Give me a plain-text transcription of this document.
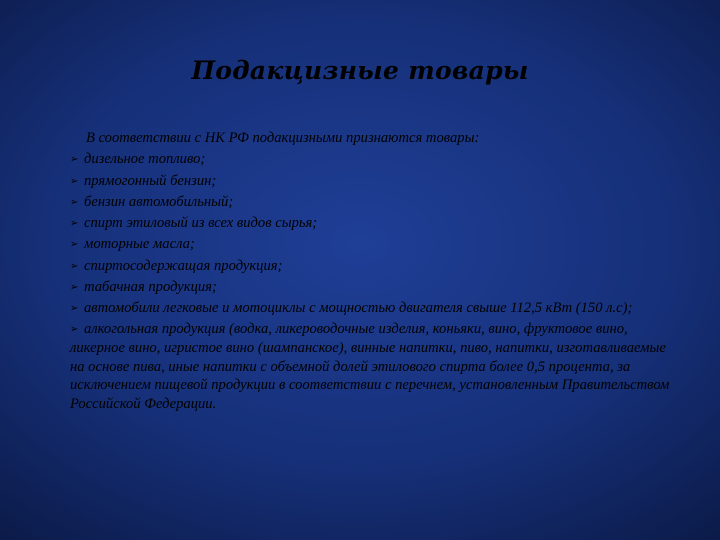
Подакцизные товары

В соответствии с НК РФ подакцизными признаются товары:

➢ дизельное топливо;
➢ прямогонный бензин;
➢ бензин автомобильный;
➢ спирт этиловый из всех видов сырья;
➢ моторные масла;
➢ спиртосодержащая продукция;
➢ табачная продукция;
➢ автомобили легковые и мотоциклы с мощностью двигателя свыше 112,5 кВт (150 л.с);
➢ алкогольная продукция (водка, ликероводочные изделия, коньяки, вино, фруктовое вино, ликерное вино, игристое вино (шампанское), винные напитки, пиво, напитки, изготавливаемые на основе пива, иные напитки с объемной долей этилового спирта более 0,5 процента, за исключением пищевой продукции в соответствии с перечнем, установленным Правительством Российской Федерации.
